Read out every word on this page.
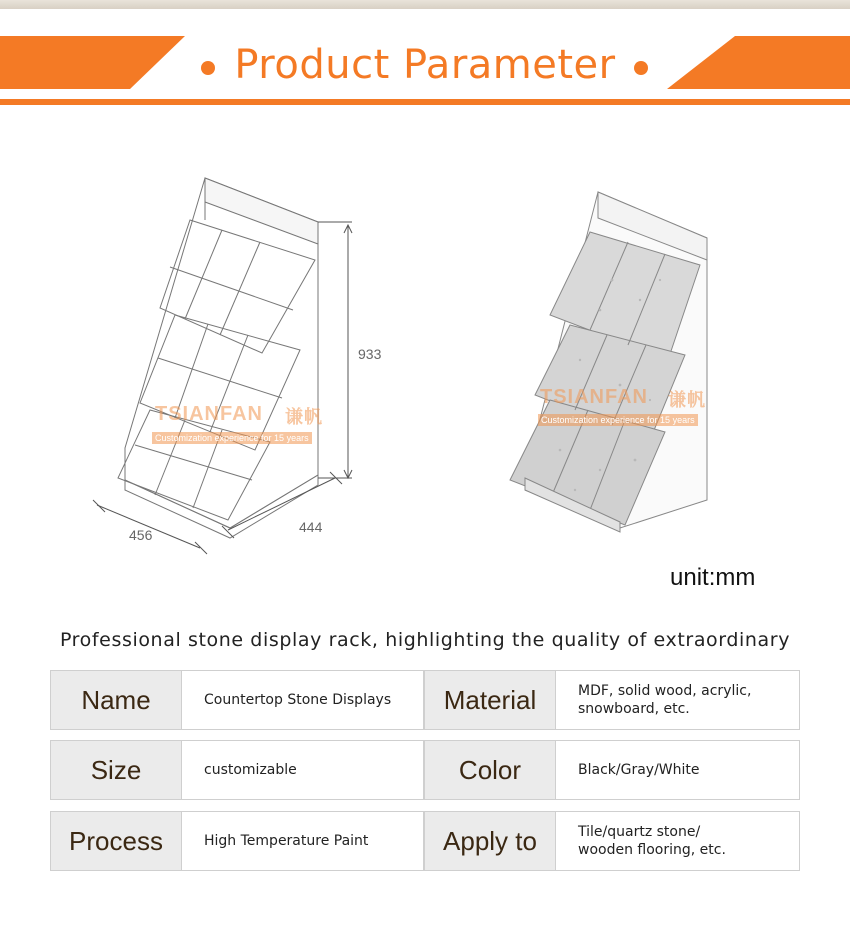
Product Parameter
933
456	444
TSIANFAN 谦帆
Customization experience for 15 years
TSIANFAN 谦帆
Customization experience for 15 years
unit:mm
Professional stone display rack, highlighting the quality of extraordinary
Name	Countertop Stone Displays	Material	MDF, solid wood, acrylic,
snowboard, etc.
Size	customizable	Color	Black/Gray/White
Process	High Temperature Paint	Apply to	Tile/quartz stone/
wooden flooring, etc.
